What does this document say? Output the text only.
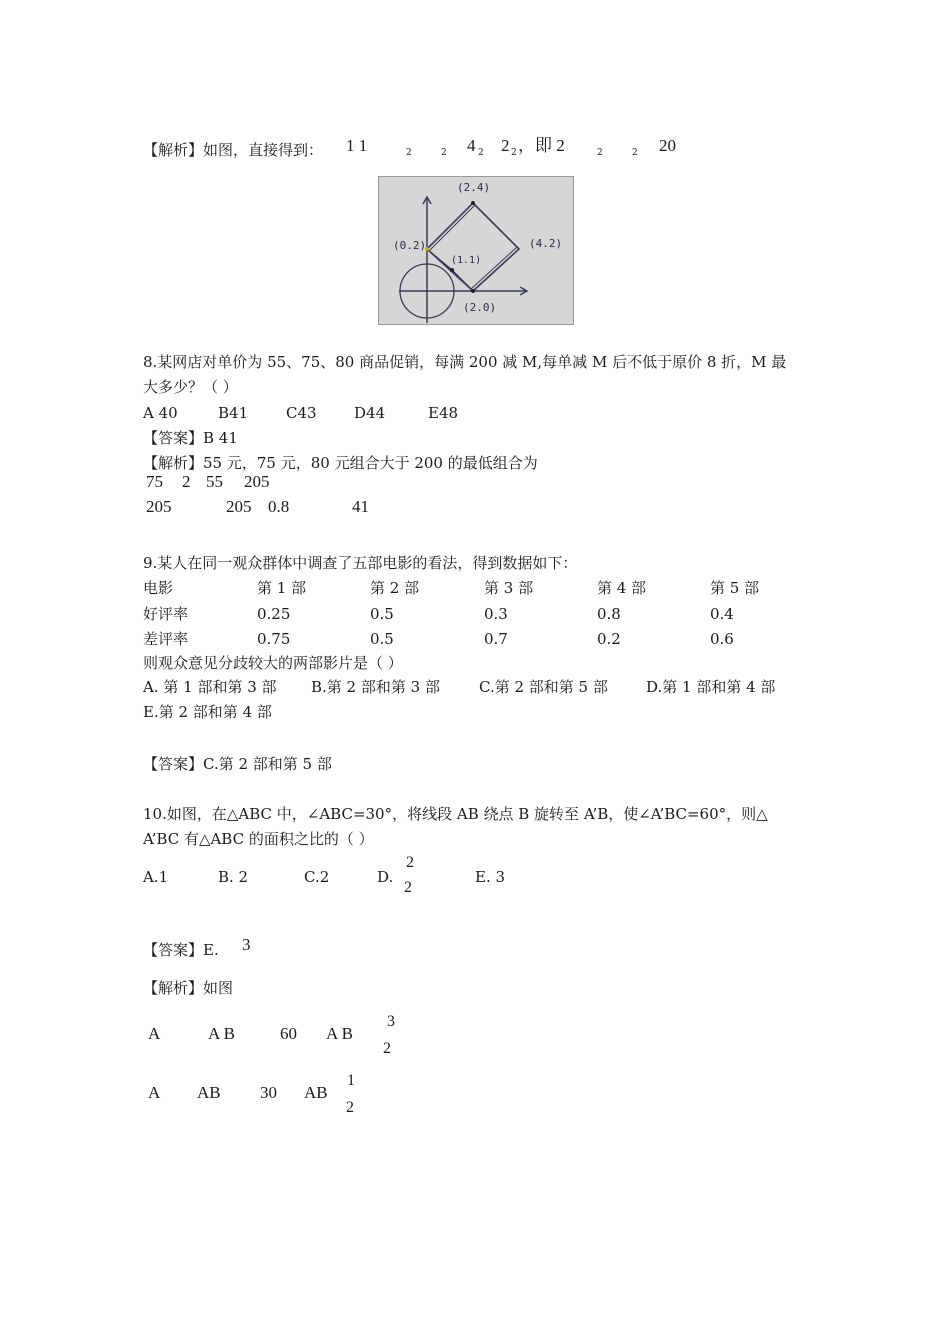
【解析】如图，直接得到： 1 1	2	2 4 2 2 2 ，即 2	2	2 20
(2.4)
(0.2)
(1.1)
(4.2)
(2.0)
8.某网店对单价为 55、75、80 商品促销，每满 200 减 M,每单减 M 后不低于原价 8 折，M 最
大多少？（ ）
A 40	B41	C43 D44	E48
【答案】B 41
【解析】55 元，75 元，80 元组合大于 200 的最低组合为
75 2 55 205
205	205 0.8	41
9.某人在同一观众群体中调查了五部电影的看法，得到数据如下：
电影	第 1 部	第 2 部	第 3 部	第 4 部	第 5 部
好评率	0.25	0.5	0.3	0.8	0.4
差评率	0.75	0.5	0.7	0.2	0.6
则观众意见分歧较大的两部影片是（ ）
A. 第 1 部和第 3 部 B.第 2 部和第 3 部	C.第 2 部和第 5 部	D.第 1 部和第 4 部
E.第 2 部和第 4 部
【答案】C.第 2 部和第 5 部
10.如图，在△ABC 中，∠ABC=30°，将线段 AB 绕点 B 旋转至 A’B，使∠A’BC=60°，则△
A’BC 有△ABC 的面积之比的（ ）
A.1	B. 2	C.2	D.
2
2
E. 3
【答案】E. 3
【解析】如图
A	A B	60 A B
3
2
A AB 30 AB
1
2
